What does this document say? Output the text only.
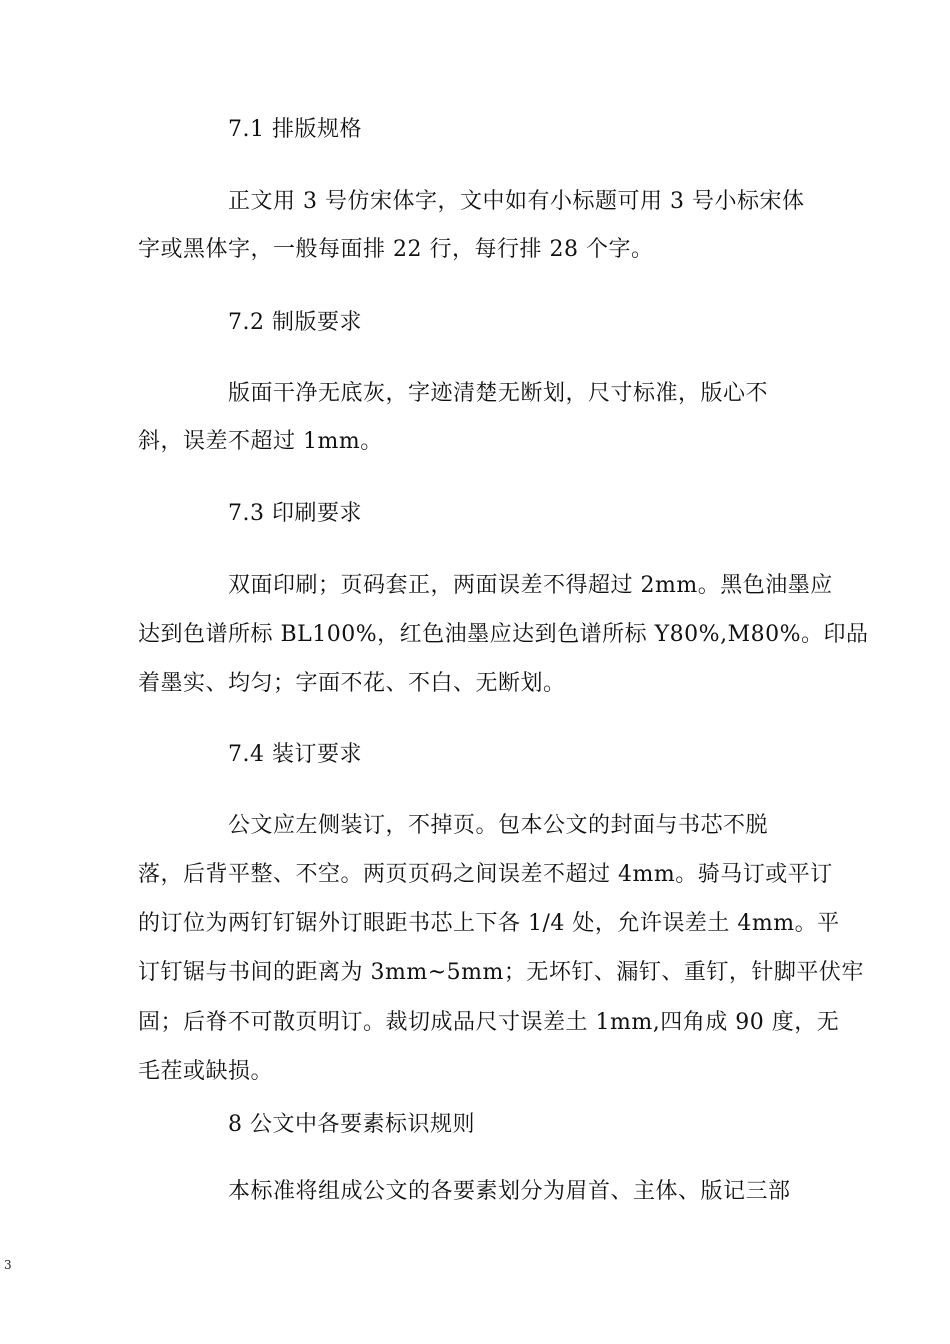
7.1 排版规格
正文用 3 号仿宋体字，文中如有小标题可用 3 号小标宋体
字或黑体字，一般每面排 22 行，每行排 28 个字。
7.2 制版要求
版面干净无底灰，字迹清楚无断划，尺寸标准，版心不
斜，误差不超过 1mm。
7.3 印刷要求
双面印刷；页码套正，两面误差不得超过 2mm。黑色油墨应
达到色谱所标 BL100%，红色油墨应达到色谱所标 Y80%,M80%。印品
着墨实、均匀；字面不花、不白、无断划。
7.4 装订要求
公文应左侧装订，不掉页。包本公文的封面与书芯不脱
落，后背平整、不空。两页页码之间误差不超过 4mm。骑马订或平订
的订位为两钉钉锯外订眼距书芯上下各 1/4 处，允许误差土 4mm。平
订钉锯与书间的距离为 3mm~5mm；无坏钉、漏钉、重钉，针脚平伏牢
固；后脊不可散页明订。裁切成品尺寸误差土 1mm,四角成 90 度，无
毛茬或缺损。
8 公文中各要素标识规则
本标准将组成公文的各要素划分为眉首、主体、版记三部
3
